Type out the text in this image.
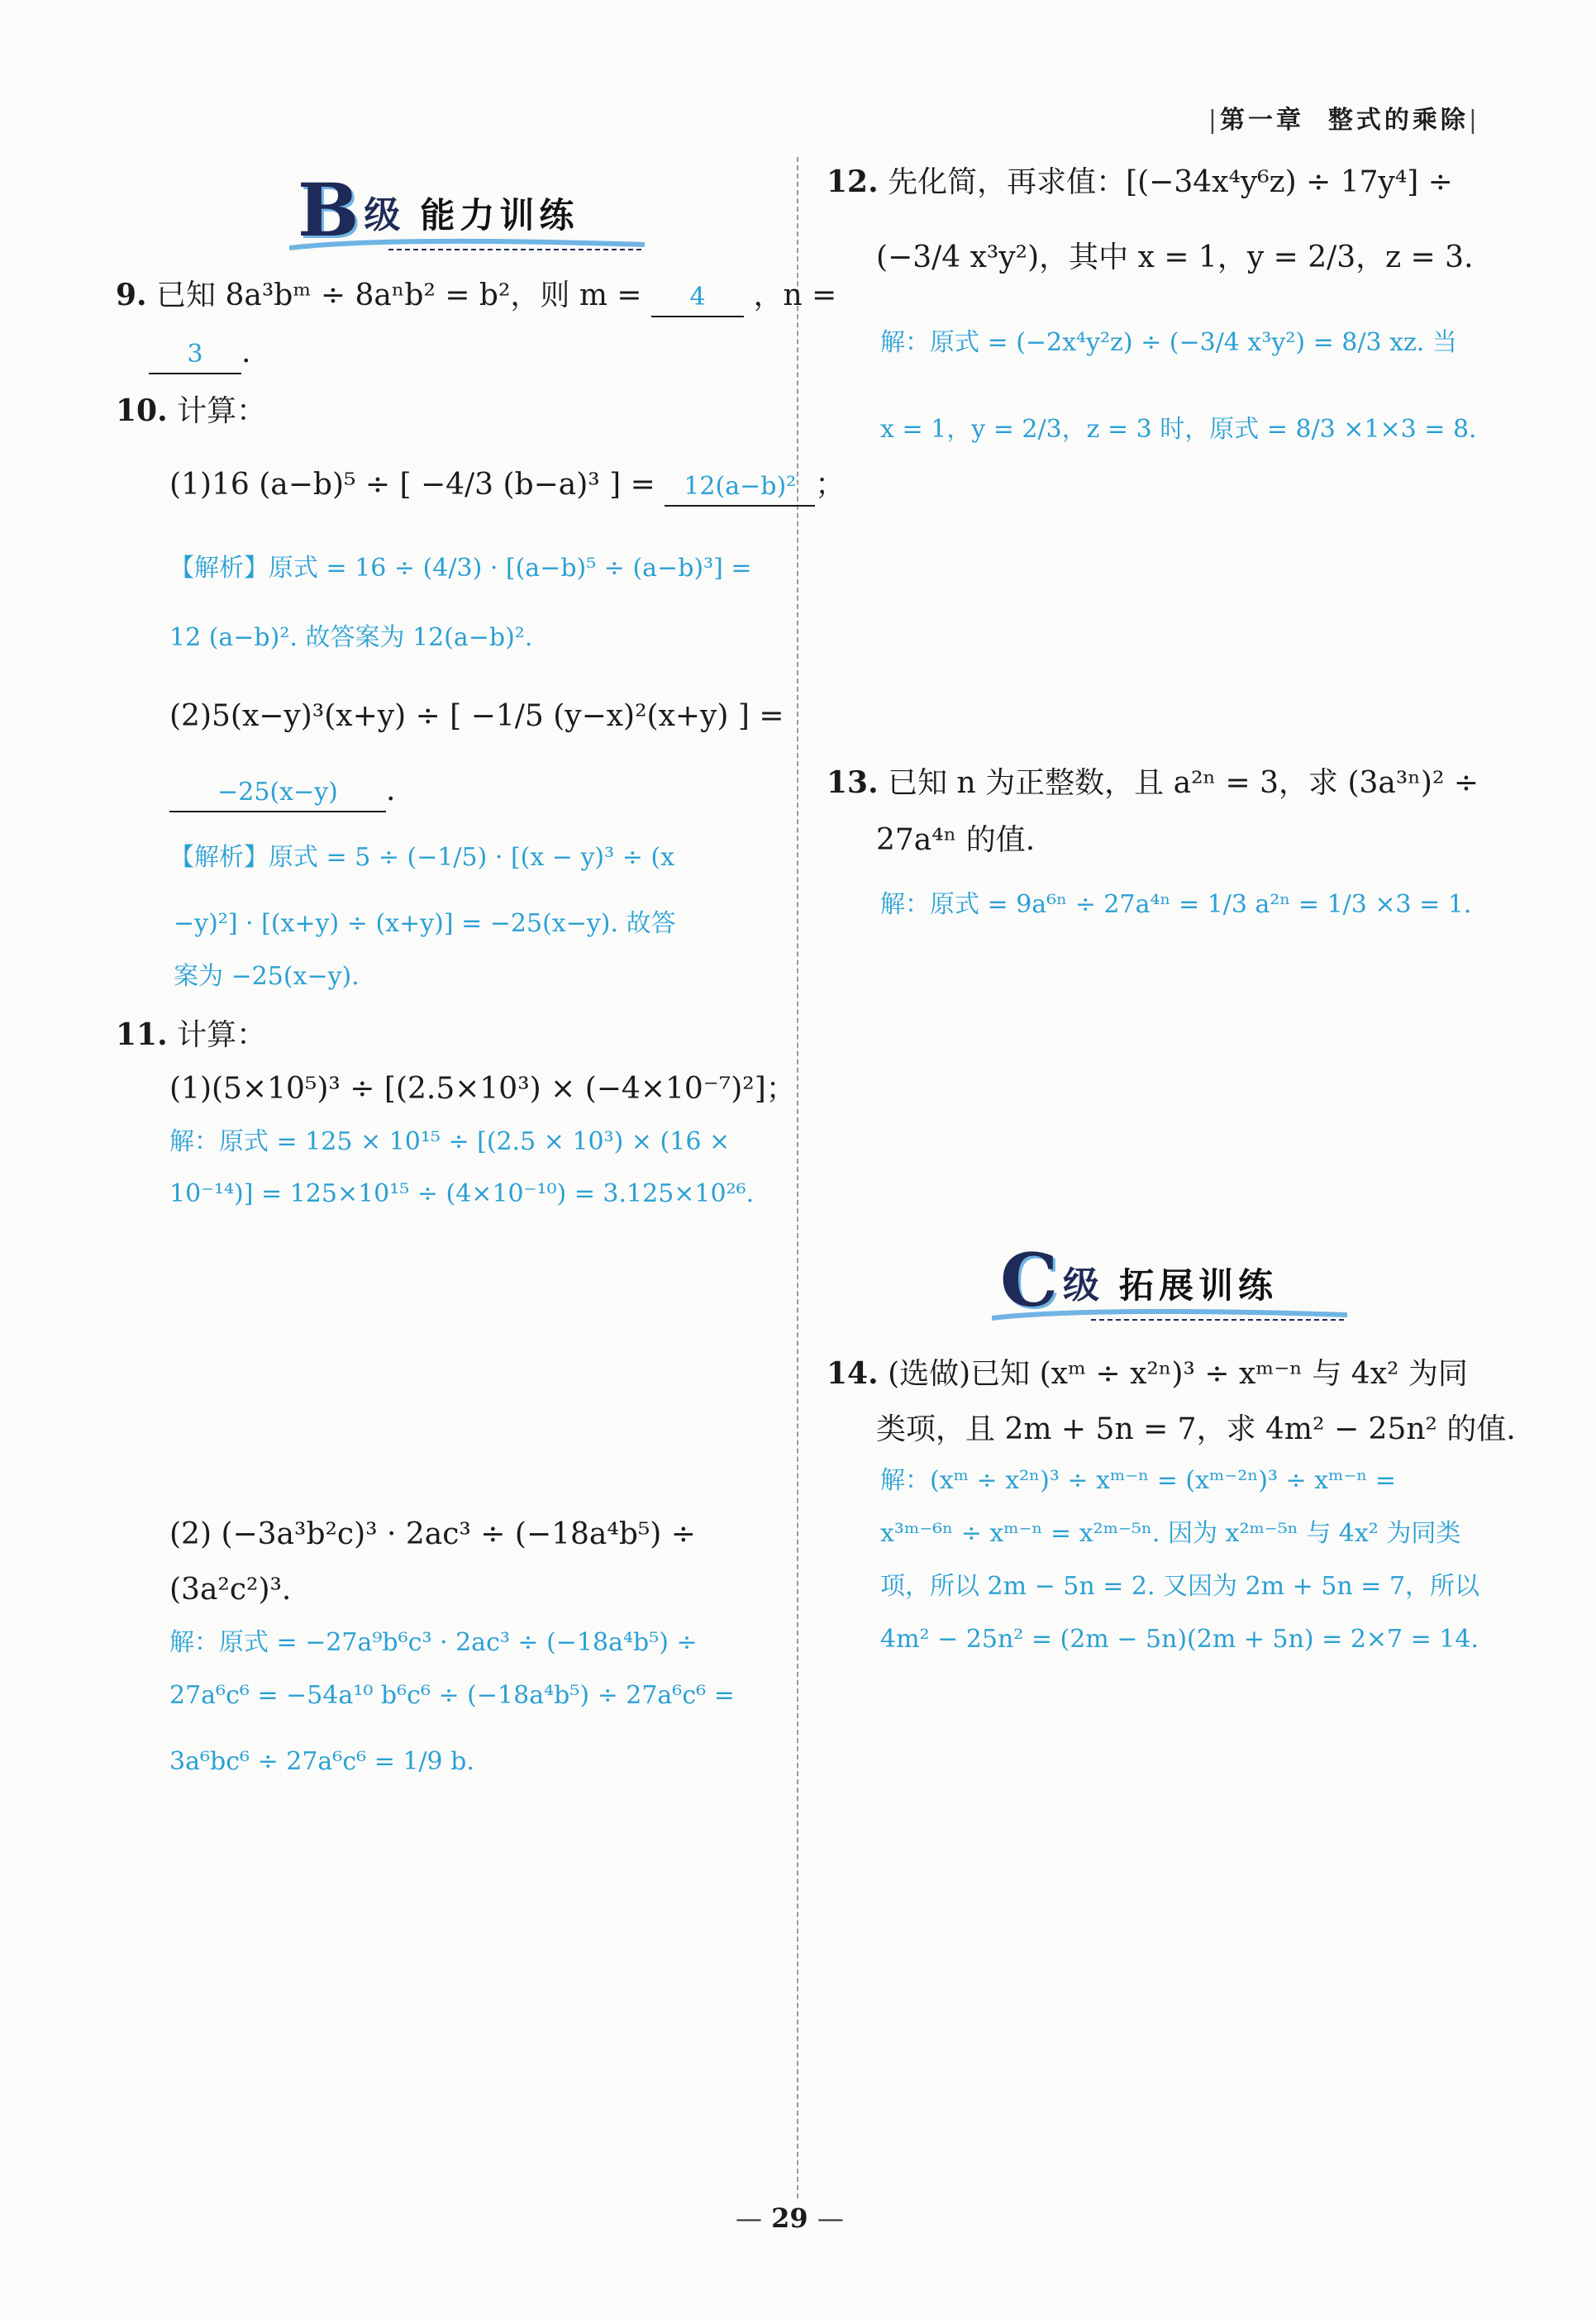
|第一章 整式的乘除|
B 级 能力训练
9. 已知 8a³bᵐ ÷ 8aⁿb² = b²，则 m = 4 ，n =
3 .
10. 计算：
(1)16 (a−b)⁵ ÷ [ −4/3 (b−a)³ ] = 12(a−b)² ；
【解析】原式 = 16 ÷ (4/3) · [(a−b)⁵ ÷ (a−b)³] =
12 (a−b)². 故答案为 12(a−b)².
(2)5(x−y)³(x+y) ÷ [ −1/5 (y−x)²(x+y) ] =
−25(x−y) .
【解析】原式 = 5 ÷ (−1/5) · [(x − y)³ ÷ (x
−y)²] · [(x+y) ÷ (x+y)] = −25(x−y). 故答
案为 −25(x−y).
11. 计算：
(1)(5×10⁵)³ ÷ [(2.5×10³) × (−4×10⁻⁷)²]；
解：原式 = 125 × 10¹⁵ ÷ [(2.5 × 10³) × (16 ×
10⁻¹⁴)] = 125×10¹⁵ ÷ (4×10⁻¹⁰) = 3.125×10²⁶.
(2) (−3a³b²c)³ · 2ac³ ÷ (−18a⁴b⁵) ÷
(3a²c²)³.
解：原式 = −27a⁹b⁶c³ · 2ac³ ÷ (−18a⁴b⁵) ÷
27a⁶c⁶ = −54a¹⁰ b⁶c⁶ ÷ (−18a⁴b⁵) ÷ 27a⁶c⁶ =
3a⁶bc⁶ ÷ 27a⁶c⁶ = 1/9 b.
12. 先化简，再求值：[(−34x⁴y⁶z) ÷ 17y⁴] ÷
(−3/4 x³y²)，其中 x = 1，y = 2/3，z = 3.
解：原式 = (−2x⁴y²z) ÷ (−3/4 x³y²) = 8/3 xz. 当
x = 1，y = 2/3，z = 3 时，原式 = 8/3 ×1×3 = 8.
13. 已知 n 为正整数，且 a²ⁿ = 3，求 (3a³ⁿ)² ÷
27a⁴ⁿ 的值.
解：原式 = 9a⁶ⁿ ÷ 27a⁴ⁿ = 1/3 a²ⁿ = 1/3 ×3 = 1.
C 级 拓展训练
14. (选做)已知 (xᵐ ÷ x²ⁿ)³ ÷ xᵐ⁻ⁿ 与 4x² 为同
类项，且 2m + 5n = 7，求 4m² − 25n² 的值.
解：(xᵐ ÷ x²ⁿ)³ ÷ xᵐ⁻ⁿ = (xᵐ⁻²ⁿ)³ ÷ xᵐ⁻ⁿ =
x³ᵐ⁻⁶ⁿ ÷ xᵐ⁻ⁿ = x²ᵐ⁻⁵ⁿ. 因为 x²ᵐ⁻⁵ⁿ 与 4x² 为同类
项，所以 2m − 5n = 2. 又因为 2m + 5n = 7，所以
4m² − 25n² = (2m − 5n)(2m + 5n) = 2×7 = 14.
— 29 —
